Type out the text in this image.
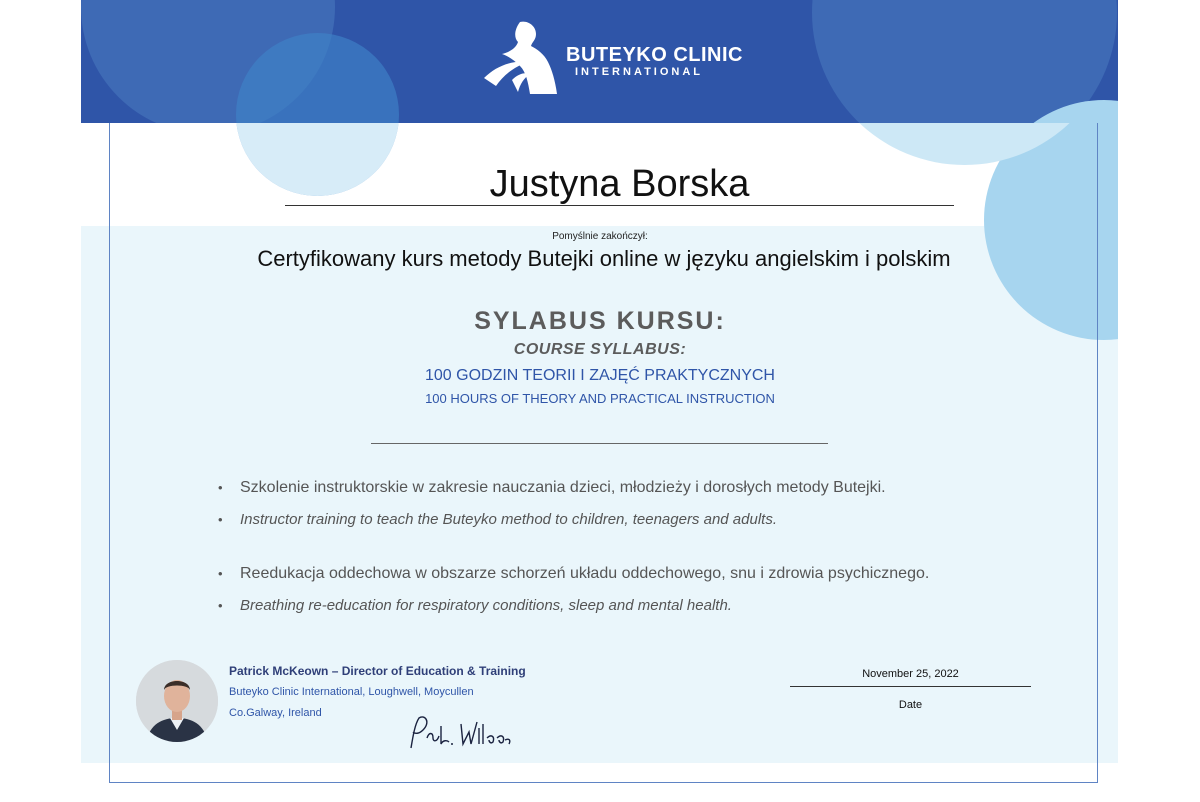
BUTEYKO CLINIC
INTERNATIONAL
Justyna Borska
Pomyślnie zakończył:
Certyfikowany kurs metody Butejki online w języku angielskim i polskim
SYLABUS KURSU:
COURSE SYLLABUS:
100 GODZIN TEORII I ZAJĘĆ PRAKTYCZNYCH
100 HOURS OF THEORY AND PRACTICAL INSTRUCTION
• Szkolenie instruktorskie w zakresie nauczania dzieci, młodzieży i dorosłych metody Butejki.
• Instructor training to teach the Buteyko method to children, teenagers and adults.
• Reedukacja oddechowa w obszarze schorzeń układu oddechowego, snu i zdrowia psychicznego.
• Breathing re-education for respiratory conditions, sleep and mental health.
Patrick McKeown – Director of Education & Training
Buteyko Clinic International, Loughwell, Moycullen
Co.Galway, Ireland
November 25, 2022
Date
